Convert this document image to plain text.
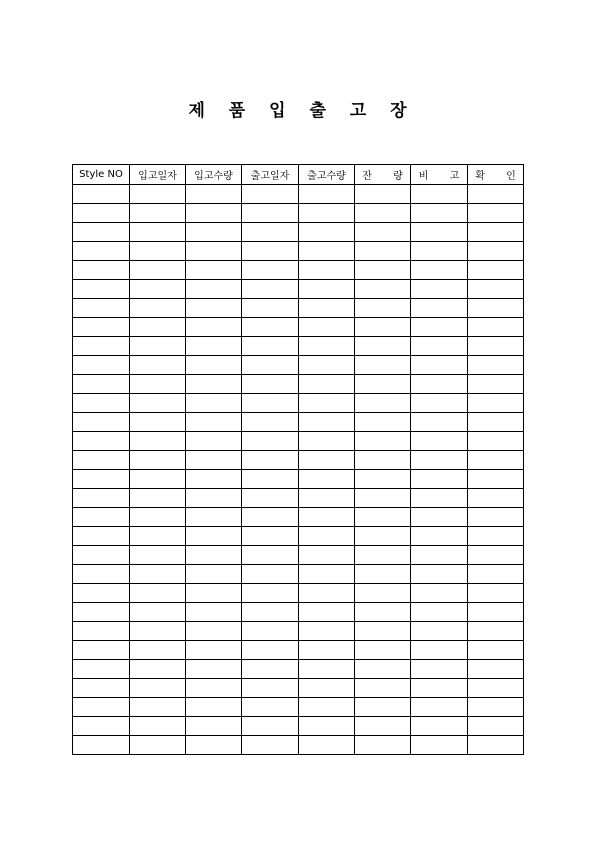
제 품 입 출 고 장
Style NO	입고일자	입고수량	출고일자	출고수량	잔 량	비 고	확 인
